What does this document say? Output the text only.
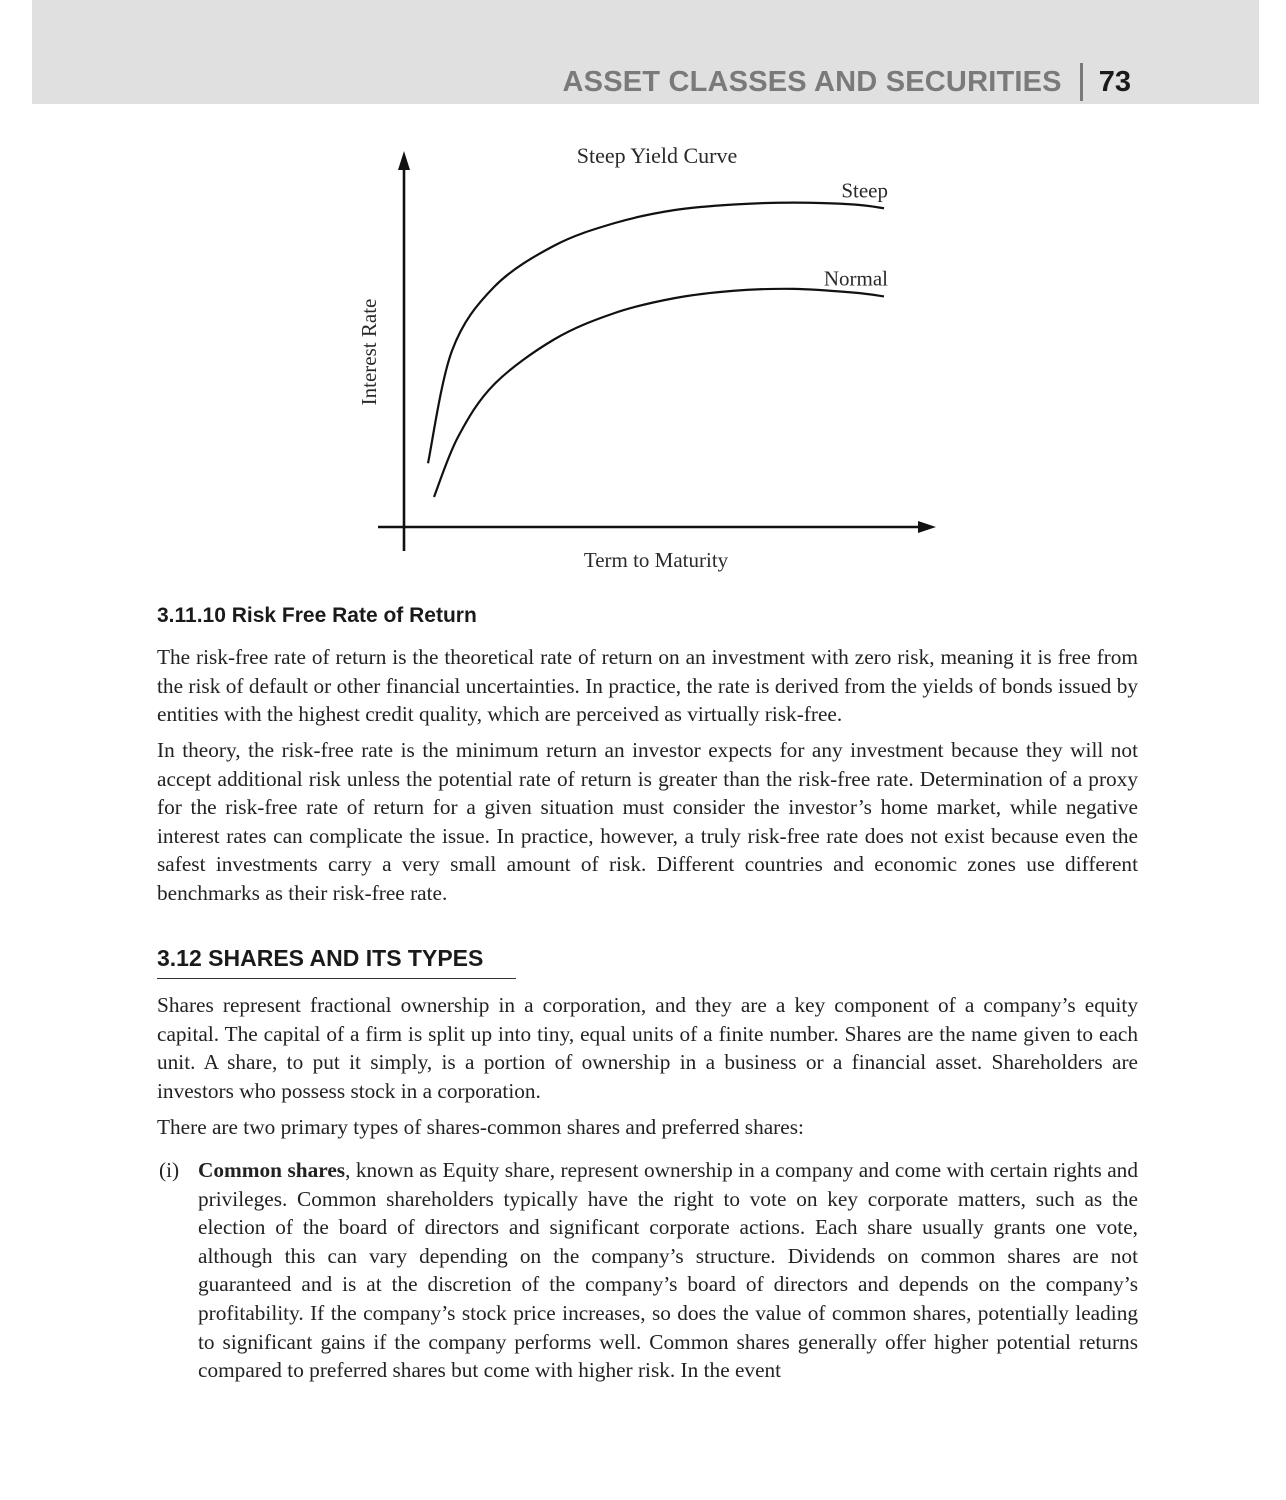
ASSET CLASSES AND SECURITIES 73
Steep Yield Curve
Interest Rate
Term to Maturity
Steep
Normal
3.11.10 Risk Free Rate of Return

The risk-free rate of return is the theoretical rate of return on an investment with zero risk, meaning it is free from the risk of default or other financial uncertainties. In practice, the rate is derived from the yields of bonds issued by entities with the highest credit quality, which are perceived as virtually risk-free.

In theory, the risk-free rate is the minimum return an investor expects for any investment because they will not accept additional risk unless the potential rate of return is greater than the risk-free rate. Determination of a proxy for the risk-free rate of return for a given situation must consider the investor’s home market, while negative interest rates can complicate the issue. In practice, however, a truly risk-free rate does not exist because even the safest investments carry a very small amount of risk. Different countries and economic zones use different benchmarks as their risk-free rate.

3.12 SHARES AND ITS TYPES

Shares represent fractional ownership in a corporation, and they are a key component of a company’s equity capital. The capital of a firm is split up into tiny, equal units of a finite number. Shares are the name given to each unit. A share, to put it simply, is a portion of ownership in a business or a financial asset. Shareholders are investors who possess stock in a corporation.

There are two primary types of shares-common shares and preferred shares:

(i) Common shares, known as Equity share, represent ownership in a company and come with certain rights and privileges. Common shareholders typically have the right to vote on key corporate matters, such as the election of the board of directors and significant corporate actions. Each share usually grants one vote, although this can vary depending on the company’s structure. Dividends on common shares are not guaranteed and is at the discretion of the company’s board of directors and depends on the company’s profitability. If the company’s stock price increases, so does the value of common shares, potentially leading to significant gains if the company performs well. Common shares generally offer higher potential returns compared to preferred shares but come with higher risk. In the event
